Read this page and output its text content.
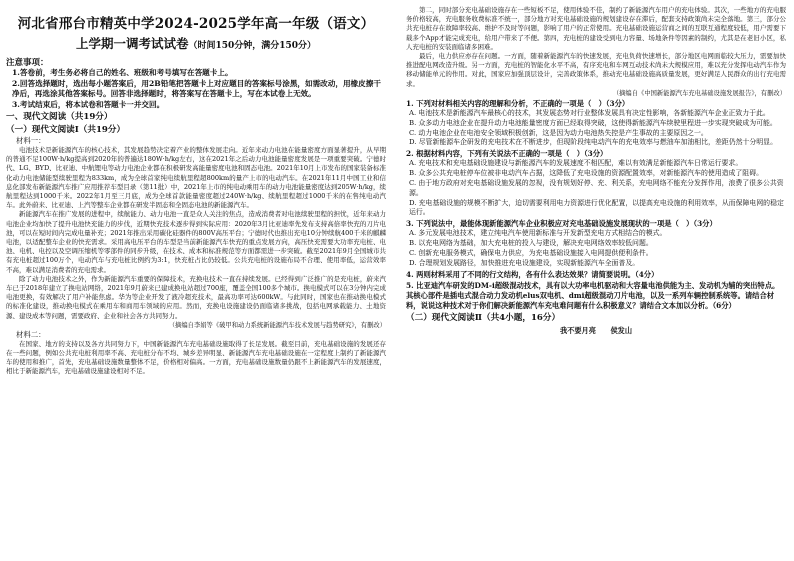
河北省邢台市精英中学2024-2025学年高一年级（语文）
上学期一调考试试卷（时间150分钟，满分150分）
注意事项：
1.答卷前，考生务必将自己的姓名、班级和考号填写在答题卡上。
2.回答选择题时，选出每小题答案后，用2B铅笔把答题卡上对应题目的答案标号涂黑，如需改动，用橡皮擦干净后，再选涂其他答案标号。回答非选择题时，将答案写在答题卡上，写在本试卷上无效。
3.考试结束后，将本试卷和答题卡一并交回。
一、现代文阅读（共19分）
（一）现代文阅读Ⅰ（共19分）
材料一：

电池技术是新能源汽车的核心技术，其发展趋势决定着产业的整体发展走向。近年来动力电池在能量密度方面显著提升，从早期的普通不足100W·h/kg提高到2020年的普遍达180W·h/kg左右，这在2021年之后动力电池能量密度发展是一项重要突破。宁德时代、LG、BYD、比亚迪、中航锂电等动力电池企业都在积极研发高能量密度电池和固态电池。2021年10月上市发布的国家装备标准化动力电池储能型续驶里程为833km，成为全球首家纯电续航里程超800km的量产上市的电动汽车。在2021年11月中国工业和信息化部发布新能源汽车推广应用推荐车型目录（第11批）中，2021年上市的纯电动乘用车的动力电池能量密度达到205W·h/kg，续航里程达到1000千米。2022年1月至三月底，成为全球首款能量密度超过240W·h/kg、续航里程超过1000千米的在售纯电动汽车。此外蔚来、比亚迪、上汽等整车企业都在研发半固态和全固态电池的新能源汽车。

新能源汽车在推广发展的进程中，续航能力、动力电池一直是众人关注的焦点，造成消费者对电池续驶里程的担忧，近年来动力电池企业均加快了提升电池快充能力的步伐，近期快充技术逐步得到实际应用：2020年3月比亚迪率先发布支持高倍率快充的刀片电池，可以在短时间内完成电量补充；2021年推出采用碳化硅器件的800V高压平台；宁德时代也推出充电10分钟续航400千米的麒麟电池，以适配整车企业的快充需求。采用高电压平台的车型是当前新能源汽车快充的重点发展方向，高压快充需要大功率充电桩、电池、电机、电控以及空调压缩机等零部件的同步升级，在技术、成本和标准规范等方面都需进一步突破。截至2021年9月全国城市共有充电桩超过100万个，电动汽车与充电桩比例约为3:1，快充桩占比仍较低。公共充电桩的设施布局不合理、使用率低，运营效率不高，难以满足消费者的充电需求。

除了动力电池技术之外，作为新能源汽车重要的保障技术，充换电技术一直在持续发展。已经得到广泛推广的是充电桩，蔚来汽车已于2018年建立了换电站网络，2021年9月蔚来已建成换电站超过700座，覆盖全国100多个城市。换电模式可以在3分钟内完成电池更换，有效解决了用户补能焦虑。华为等企业开发了液冷超充技术，最高功率可达600kW。与此同时，国家也在推动换电模式的标准化建设，推动换电模式在乘用车和商用车领域的应用。然而，充换电设施建设仍面临诸多挑战，包括电网承载能力、土地资源、建设成本等问题，需要政府、企业和社会各方共同努力。

（摘编自李娟等《破甲和动力系统新能源汽车技术发展与趋势研究》，有删改）

材料二：

在国家、地方的支持以及各方共同努力下，中国新能源汽车充电基础设施取得了长足发展。截至目前，充电基础设施的发展还存在一些问题，例如公共充电桩利用率不高、充电桩分布不均、城乡差异明显、新能源汽车充电基础设施在一定程度上制约了新能源汽车的使用和推广，首先，充电基础设施数量整体不足，价格相对偏高。一方面，充电基础设施数量仍跟不上新能源汽车的发展速度，相比于新能源汽车，充电基础设施建设相对不足。

第二，同时部分充电基础设施存在一些短板不足，使用体验不佳，制约了新能源汽车用户的充电体验。其次，一些地方的充电服务价格较高，充电服务收费标准不统一，部分地方对充电基础设施的规划建设存在滞后，配套支持政策尚未完全落地。第三，部分公共充电桩存在故障率较高、维护不及时等问题，影响了用户的正常使用。充电基础设施运营商之间的互联互通程度较低，用户需要下载多个App才能完成充电，给用户带来了不便。第四，充电桩的建设受到电力容量、场地条件等因素的制约，尤其是在老旧小区，私人充电桩的安装面临诸多困难。

最后，电力供应亦存在问题。一方面，随着新能源汽车的快速发展，充电负荷快速增长，部分地区电网面临较大压力，需要加快推进配电网改造升级。另一方面，充电桩的智能化水平不高，有序充电和车网互动技术尚未大规模应用，难以充分发挥电动汽车作为移动储能单元的作用。对此，国家应加强顶层设计，完善政策体系，推动充电基础设施高质量发展，更好满足人民群众的出行充电需求。

（摘编自《中国新能源汽车充电基础设施发展报告》，有删改）

1. 下列对材料相关内容的理解和分析，不正确的一项是（　）（3分）
A. 电池技术是新能源汽车最核心的技术，其发展态势对行业整体发展具有决定性影响，各新能源汽车企业正致力于此。
B. 众多动力电池企业在提升动力电池能量密度方面已经取得突破，这使得新能源汽车续驶里程进一步实现突破成为可能。
C. 动力电池企业在电池安全领域积极创新，这是因为动力电池热失控是产生事故的主要原因之一。
D. 尽管新能源车企研发的充电技术在不断进步，但现阶段纯电动汽车的充电效率与燃油车加油相比，差距仍然十分明显。
2. 根据材料内容，下列有关说法不正确的一项是（　）（3分）
A. 充电技术和充电基础设施建设与新能源汽车的发展速度不相匹配，难以有效满足新能源汽车日常运行要求。
B. 众多公共充电桩停车位被非电动汽车占据，这降低了充电设施的资源配置效率，对新能源汽车的使用造成了阻碍。
C. 由于地方政府对充电基础设施发展的忽视，没有规划好停、充、利关系，充电网络不能充分发挥作用，浪费了很多公共资源。
D. 充电基础设施的规模不断扩大，迫切需要利用电力资源进行优化配置，以提高充电设施的利用效率，从而保障电网的稳定运行。
3. 下列说法中，最能体现新能源汽车企业积极应对充电基础设施发展现状的一项是（　）（3分）
A. 多元发展电池技术，建立纯电汽车使用新标准与开发新型充电方式相结合的模式。
B. 以充电网络为基础，加大充电桩的投入与建设，解决充电网络效率较低问题。
C. 创新充电服务模式，确保电力供应，为充电基础设施接入电网提供便利条件。
D. 合理规划发展路径，加快推进充电设施建设，实现新能源汽车全面普及。
4. 两则材料采用了不同的行文结构，各有什么表达效果？请简要说明。（4分）
5. 比亚迪汽车研发的DM-i超级混动技术，具有以大功率电机驱动和大容量电池供能为主、发动机为辅的突出特点。其核心部件是插电式混合动力发动机elus双电机、dmi超级混动刀片电池，以及一系列车辆控制系统等。请结合材料，说说这种技术对于你们解决新能源汽车充电难问题有什么积极意义？请结合文本加以分析。（6分）
（二）现代文阅读Ⅱ（共4小题，16分）
我不要月亮 侯发山
